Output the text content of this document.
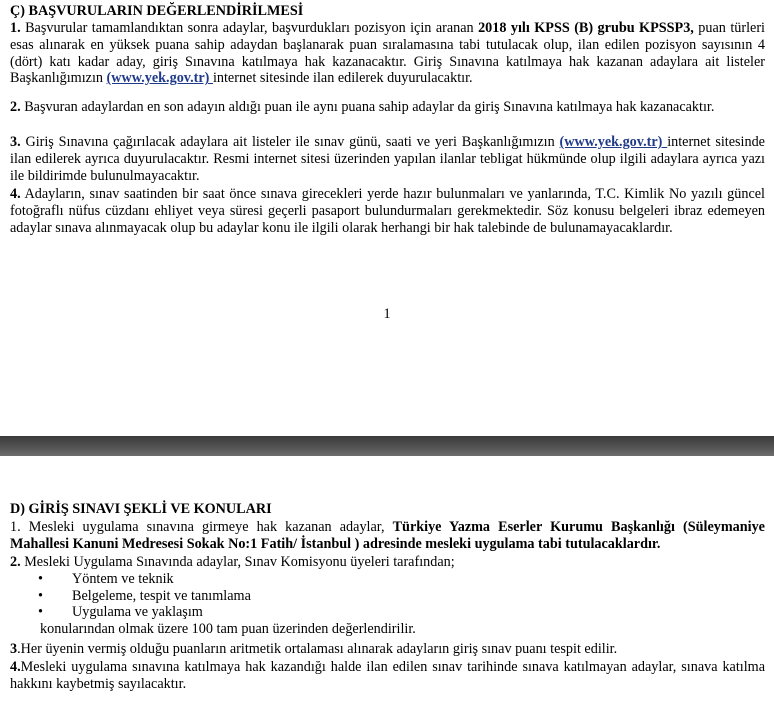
Ç) BAŞVURULARIN DEĞERLENDİRİLMESİ
1. Başvurular tamamlandıktan sonra adaylar, başvurdukları pozisyon için aranan 2018 yılı KPSS (B) grubu KPSSP3, puan türleri esas alınarak en yüksek puana sahip adaydan başlanarak puan sıralamasına tabi tutulacak olup, ilan edilen pozisyon sayısının 4 (dört) katı kadar aday, giriş Sınavına katılmaya hak kazanacaktır. Giriş Sınavına katılmaya hak kazanan adaylara ait listeler Başkanlığımızın (www.yek.gov.tr) internet sitesinde ilan edilerek duyurulacaktır.
2. Başvuran adaylardan en son adayın aldığı puan ile aynı puana sahip adaylar da giriş Sınavına katılmaya hak kazanacaktır.
3. Giriş Sınavına çağırılacak adaylara ait listeler ile sınav günü, saati ve yeri Başkanlığımızın (www.yek.gov.tr) internet sitesinde ilan edilerek ayrıca duyurulacaktır. Resmi internet sitesi üzerinden yapılan ilanlar tebligat hükmünde olup ilgili adaylara ayrıca yazı ile bildirimde bulunulmayacaktır.
4. Adayların, sınav saatinden bir saat önce sınava girecekleri yerde hazır bulunmaları ve yanlarında, T.C. Kimlik No yazılı güncel fotoğraflı nüfus cüzdanı ehliyet veya süresi geçerli pasaport bulundurmaları gerekmektedir. Söz konusu belgeleri ibraz edemeyen adaylar sınava alınmayacak olup bu adaylar konu ile ilgili olarak herhangi bir hak talebinde de bulunamayacaklardır.
1
D) GİRİŞ SINAVI ŞEKLİ VE KONULARI
1. Mesleki uygulama sınavına girmeye hak kazanan adaylar, Türkiye Yazma Eserler Kurumu Başkanlığı (Süleymaniye Mahallesi Kanuni Medresesi Sokak No:1 Fatih/ İstanbul ) adresinde mesleki uygulama tabi tutulacaklardır.
2. Mesleki Uygulama Sınavında adaylar, Sınav Komisyonu üyeleri tarafından;
• Yöntem ve teknik
• Belgeleme, tespit ve tanımlama
• Uygulama ve yaklaşım
konularından olmak üzere 100 tam puan üzerinden değerlendirilir.
3.Her üyenin vermiş olduğu puanların aritmetik ortalaması alınarak adayların giriş sınav puanı tespit edilir.
4.Mesleki uygulama sınavına katılmaya hak kazandığı halde ilan edilen sınav tarihinde sınava katılmayan adaylar, sınava katılma hakkını kaybetmiş sayılacaktır.
